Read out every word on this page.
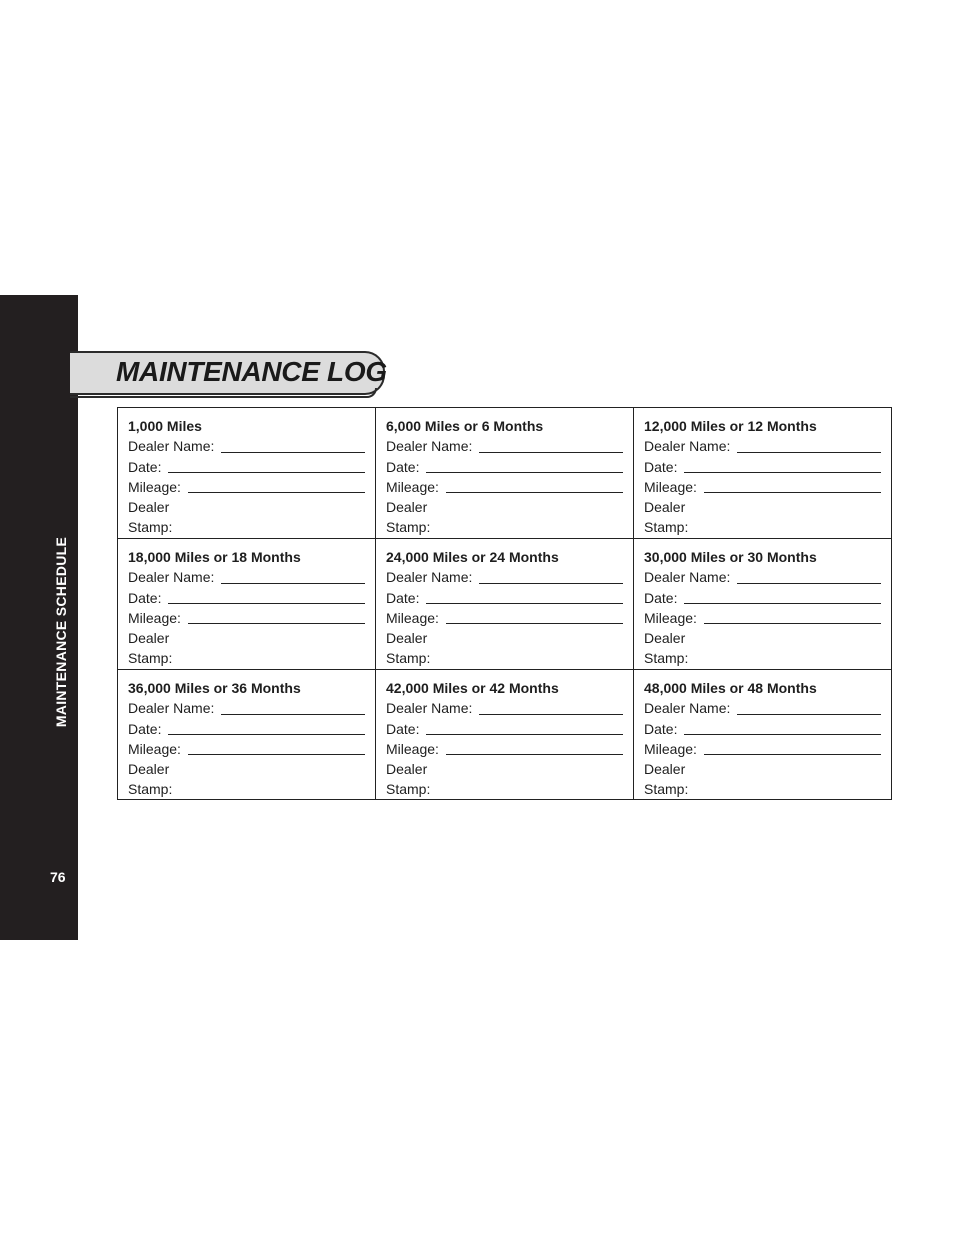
MAINTENANCE SCHEDULE
76
MAINTENANCE LOG
1,000 Miles
Dealer Name:
Date:
Mileage:
Dealer
Stamp:
6,000 Miles or 6 Months
Dealer Name:
Date:
Mileage:
Dealer
Stamp:
12,000 Miles or 12 Months
Dealer Name:
Date:
Mileage:
Dealer
Stamp:
18,000 Miles or 18 Months
Dealer Name:
Date:
Mileage:
Dealer
Stamp:
24,000 Miles or 24 Months
Dealer Name:
Date:
Mileage:
Dealer
Stamp:
30,000 Miles or 30 Months
Dealer Name:
Date:
Mileage:
Dealer
Stamp:
36,000 Miles or 36 Months
Dealer Name:
Date:
Mileage:
Dealer
Stamp:
42,000 Miles or 42 Months
Dealer Name:
Date:
Mileage:
Dealer
Stamp:
48,000 Miles or 48 Months
Dealer Name:
Date:
Mileage:
Dealer
Stamp:
